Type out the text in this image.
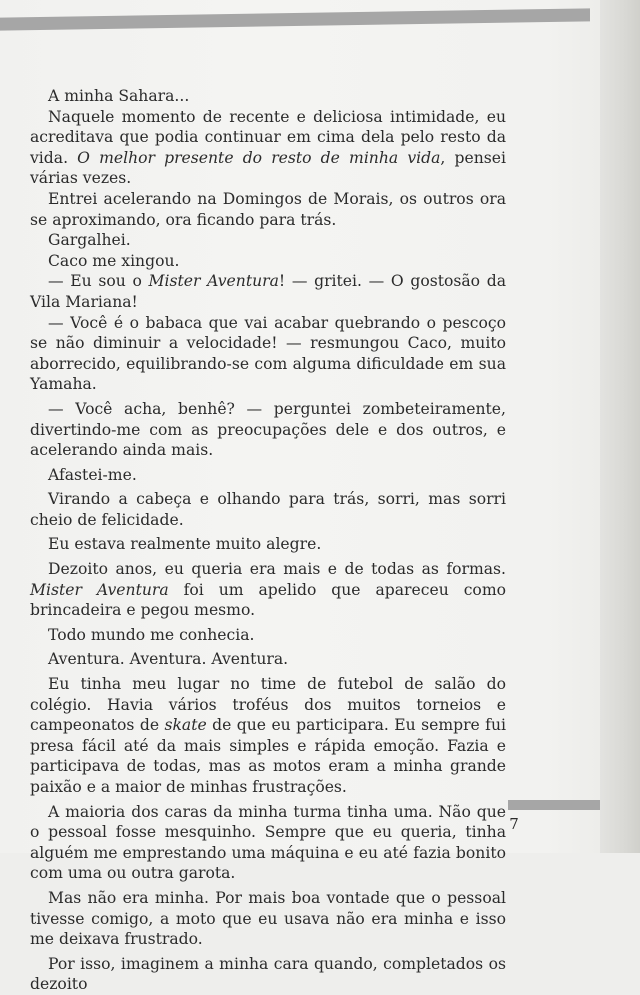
A minha Sahara...

Naquele momento de recente e deliciosa intimidade, eu acreditava que podia continuar em cima dela pelo resto da vida. O melhor presente do resto de minha vida, pensei várias vezes.

Entrei acelerando na Domingos de Morais, os outros ora se aproximando, ora ficando para trás.

Gargalhei.

Caco me xingou.

— Eu sou o Mister Aventura! — gritei. — O gostosão da Vila Mariana!

— Você é o babaca que vai acabar quebrando o pescoço se não diminuir a velocidade! — resmungou Caco, muito aborrecido, equilibrando-se com alguma dificuldade em sua Yamaha.

— Você acha, benhê? — perguntei zombeteiramente, divertindo-me com as preocupações dele e dos outros, e acelerando ainda mais.

Afastei-me.

Virando a cabeça e olhando para trás, sorri, mas sorri cheio de felicidade.

Eu estava realmente muito alegre.

Dezoito anos, eu queria era mais e de todas as formas. Mister Aventura foi um apelido que apareceu como brincadeira e pegou mesmo.

Todo mundo me conhecia.

Aventura. Aventura. Aventura.

Eu tinha meu lugar no time de futebol de salão do colégio. Havia vários troféus dos muitos torneios e campeonatos de skate de que eu participara. Eu sempre fui presa fácil até da mais simples e rápida emoção. Fazia e participava de todas, mas as motos eram a minha grande paixão e a maior de minhas frustrações.

A maioria dos caras da minha turma tinha uma. Não que o pessoal fosse mesquinho. Sempre que eu queria, tinha alguém me emprestando uma máquina e eu até fazia bonito com uma ou outra garota.

Mas não era minha. Por mais boa vontade que o pessoal tivesse comigo, a moto que eu usava não era minha e isso me deixava frustrado.

Por isso, imaginem a minha cara quando, completados os dezoito

7
